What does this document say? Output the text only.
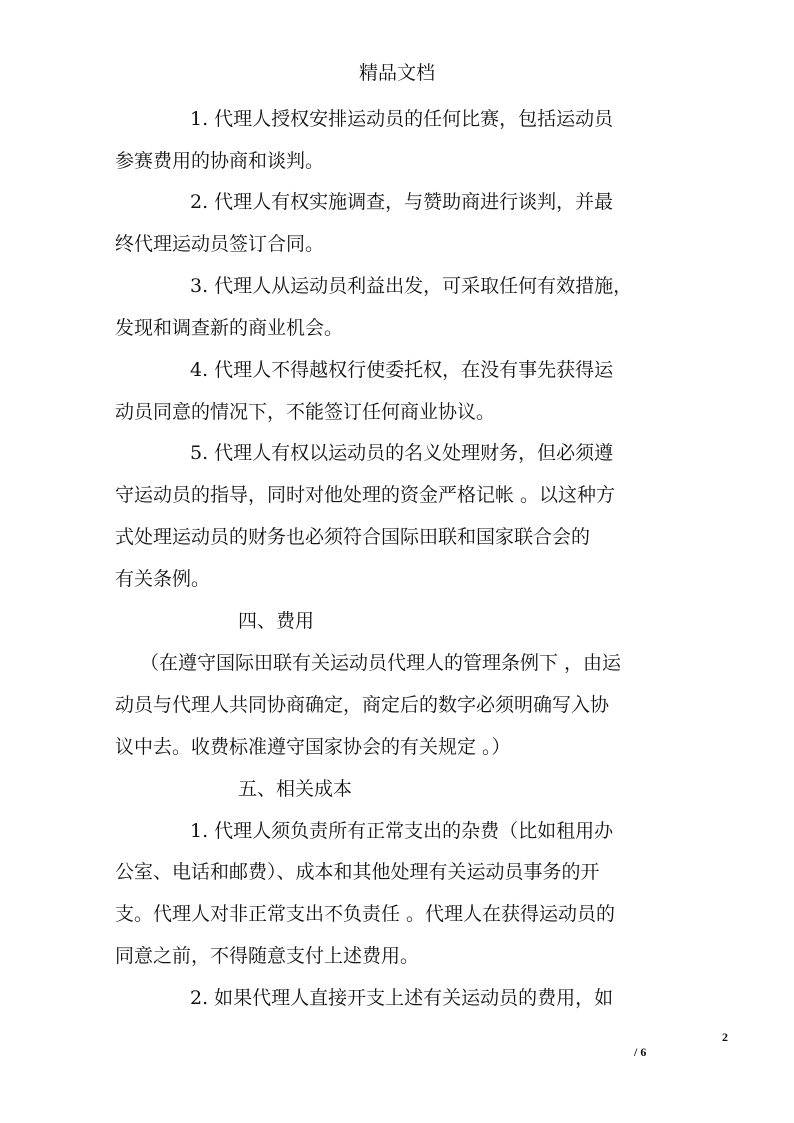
精品文档
1. 代理人授权安排运动员的任何比赛，包括运动员
参赛费用的协商和谈判。
2. 代理人有权实施调查，与赞助商进行谈判，并最
终代理运动员签订合同。
3. 代理人从运动员利益出发，可采取任何有效措施，
发现和调查新的商业机会。
4. 代理人不得越权行使委托权，在没有事先获得运
动员同意的情况下，不能签订任何商业协议。
5. 代理人有权以运动员的名义处理财务，但必须遵
守运动员的指导，同时对他处理的资金严格记帐 。以这种方
式处理运动员的财务也必须符合国际田联和国家联合会的
有关条例。
四、费用
（在遵守国际田联有关运动员代理人的管理条例下 ，由运
动员与代理人共同协商确定，商定后的数字必须明确写入协
议中去。收费标准遵守国家协会的有关规定 。）
五、相关成本
1. 代理人须负责所有正常支出的杂费（比如租用办
公室、电话和邮费）、成本和其他处理有关运动员事务的开
支。代理人对非正常支出不负责任 。代理人在获得运动员的
同意之前，不得随意支付上述费用。
2. 如果代理人直接开支上述有关运动员的费用，如
2
/ 6
